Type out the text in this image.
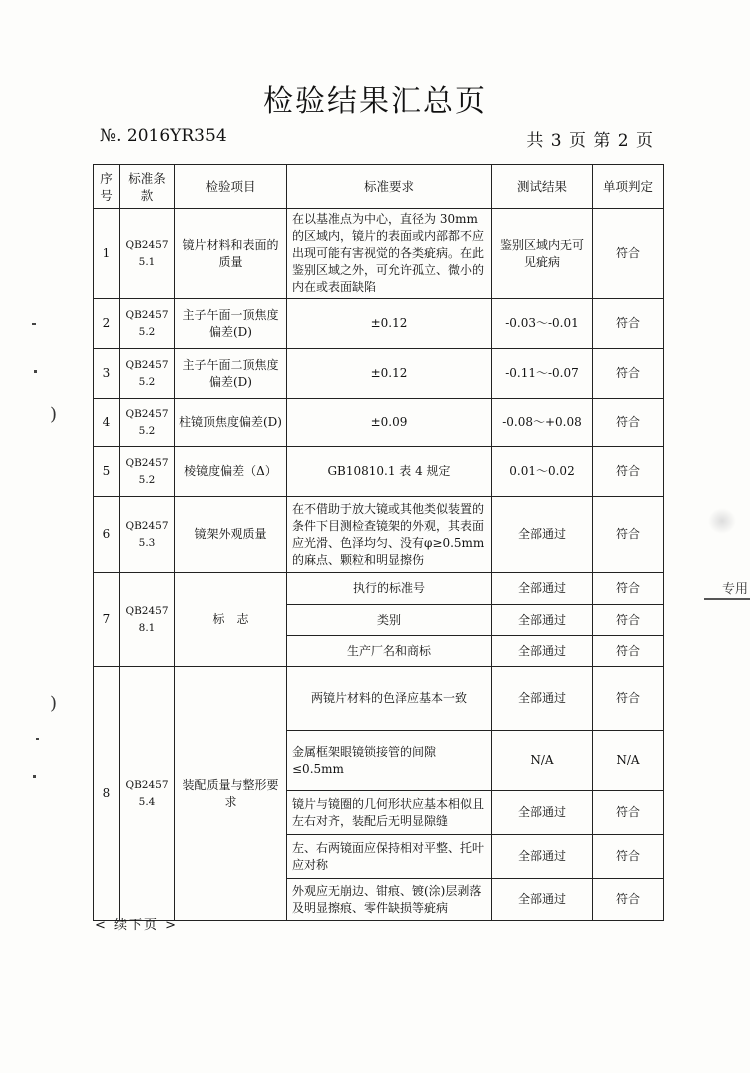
检验结果汇总页
№. 2016YR354	共 3 页 第 2 页
序号	标准条款	检验项目	标准要求	测试结果	单项判定
1	QB2457 5.1	镜片材料和表面的质量	在以基准点为中心，直径为 30mm 的区域内，镜片的表面或内部都不应出现可能有害视觉的各类疵病。在此鉴别区域之外，可允许孤立、微小的内在或表面缺陷	鉴别区域内无可见疵病	符合
2	QB2457 5.2	主子午面一顶焦度偏差(D)	±0.12	-0.03～-0.01	符合
3	QB2457 5.2	主子午面二顶焦度偏差(D)	±0.12	-0.11～-0.07	符合
4	QB2457 5.2	柱镜顶焦度偏差(D)	±0.09	-0.08～+0.08	符合
5	QB2457 5.2	棱镜度偏差（Δ）	GB10810.1 表 4 规定	0.01～0.02	符合
6	QB2457 5.3	镜架外观质量	在不借助于放大镜或其他类似装置的条件下目测检查镜架的外观，其表面应光滑、色泽均匀、没有φ≥0.5mm 的麻点、颗粒和明显擦伤	全部通过	符合
7	QB2457 8.1	标　志	执行的标准号	全部通过	符合
			类别	全部通过	符合
			生产厂名和商标	全部通过	符合
8	QB2457 5.4	装配质量与整形要求	两镜片材料的色泽应基本一致	全部通过	符合
			金属框架眼镜锁接管的间隙≤0.5mm	N/A	N/A
			镜片与镜圈的几何形状应基本相似且左右对齐，装配后无明显隙缝	全部通过	符合
			左、右两镜面应保持相对平整、托叶应对称	全部通过	符合
			外观应无崩边、钳痕、镀(涂)层剥落及明显擦痕、零件缺损等疵病	全部通过	符合
< 续下页 >
专用
)
)
